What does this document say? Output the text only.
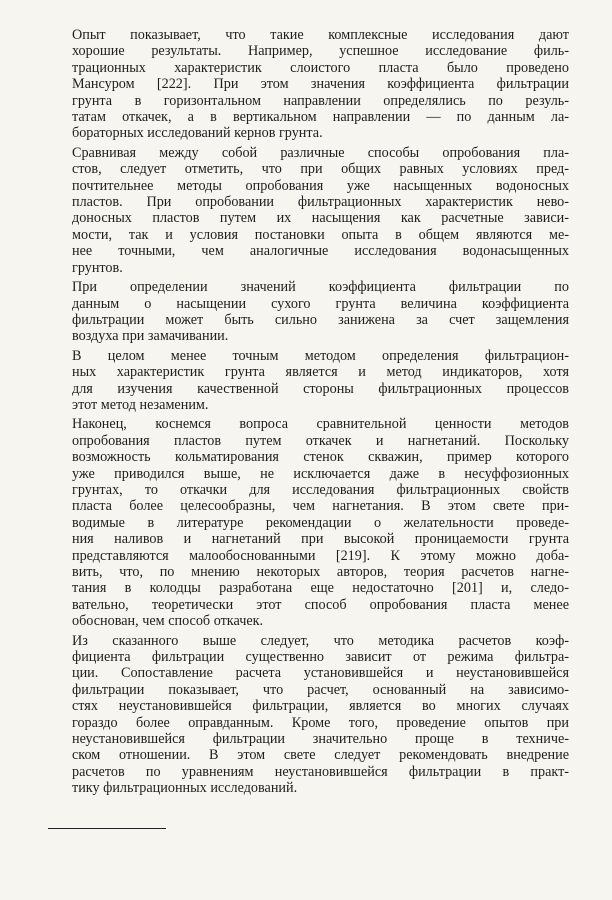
Опыт показывает, что такие комплексные исследования дают
хорошие результаты. Например, успешное исследование филь-
трационных характеристик слоистого пласта было проведено
Мансуром [222]. При этом значения коэффициента фильтрации
грунта в горизонтальном направлении определялись по резуль-
татам откачек, а в вертикальном направлении — по данным ла-
бораторных исследований кернов грунта.

Сравнивая между собой различные способы опробования пла-
стов, следует отметить, что при общих равных условиях пред-
почтительнее методы опробования уже насыщенных водоносных
пластов. При опробовании фильтрационных характеристик нево-
доносных пластов путем их насыщения как расчетные зависи-
мости, так и условия постановки опыта в общем являются ме-
нее точными, чем аналогичные исследования водонасыщенных
грунтов.

При определении значений коэффициента фильтрации по
данным о насыщении сухого грунта величина коэффициента
фильтрации может быть сильно занижена за счет защемления
воздуха при замачивании.

В целом менее точным методом определения фильтрацион-
ных характеристик грунта является и метод индикаторов, хотя
для изучения качественной стороны фильтрационных процессов
этот метод незаменим.

Наконец, коснемся вопроса сравнительной ценности методов
опробования пластов путем откачек и нагнетаний. Поскольку
возможность кольматирования стенок скважин, пример которого
уже приводился выше, не исключается даже в несуффозионных
грунтах, то откачки для исследования фильтрационных свойств
пласта более целесообразны, чем нагнетания. В этом свете при-
водимые в литературе рекомендации о желательности проведе-
ния наливов и нагнетаний при высокой проницаемости грунта
представляются малообоснованными [219]. К этому можно доба-
вить, что, по мнению некоторых авторов, теория расчетов нагне-
тания в колодцы разработана еще недостаточно [201] и, следо-
вательно, теоретически этот способ опробования пласта менее
обоснован, чем способ откачек.

Из сказанного выше следует, что методика расчетов коэф-
фициента фильтрации существенно зависит от режима фильтра-
ции. Сопоставление расчета установившейся и неустановившейся
фильтрации показывает, что расчет, основанный на зависимо-
стях неустановившейся фильтрации, является во многих случаях
гораздо более оправданным. Кроме того, проведение опытов при
неустановившейся фильтрации значительно проще в техниче-
ском отношении. В этом свете следует рекомендовать внедрение
расчетов по уравнениям неустановившейся фильтрации в практ-
тику фильтрационных исследований.
